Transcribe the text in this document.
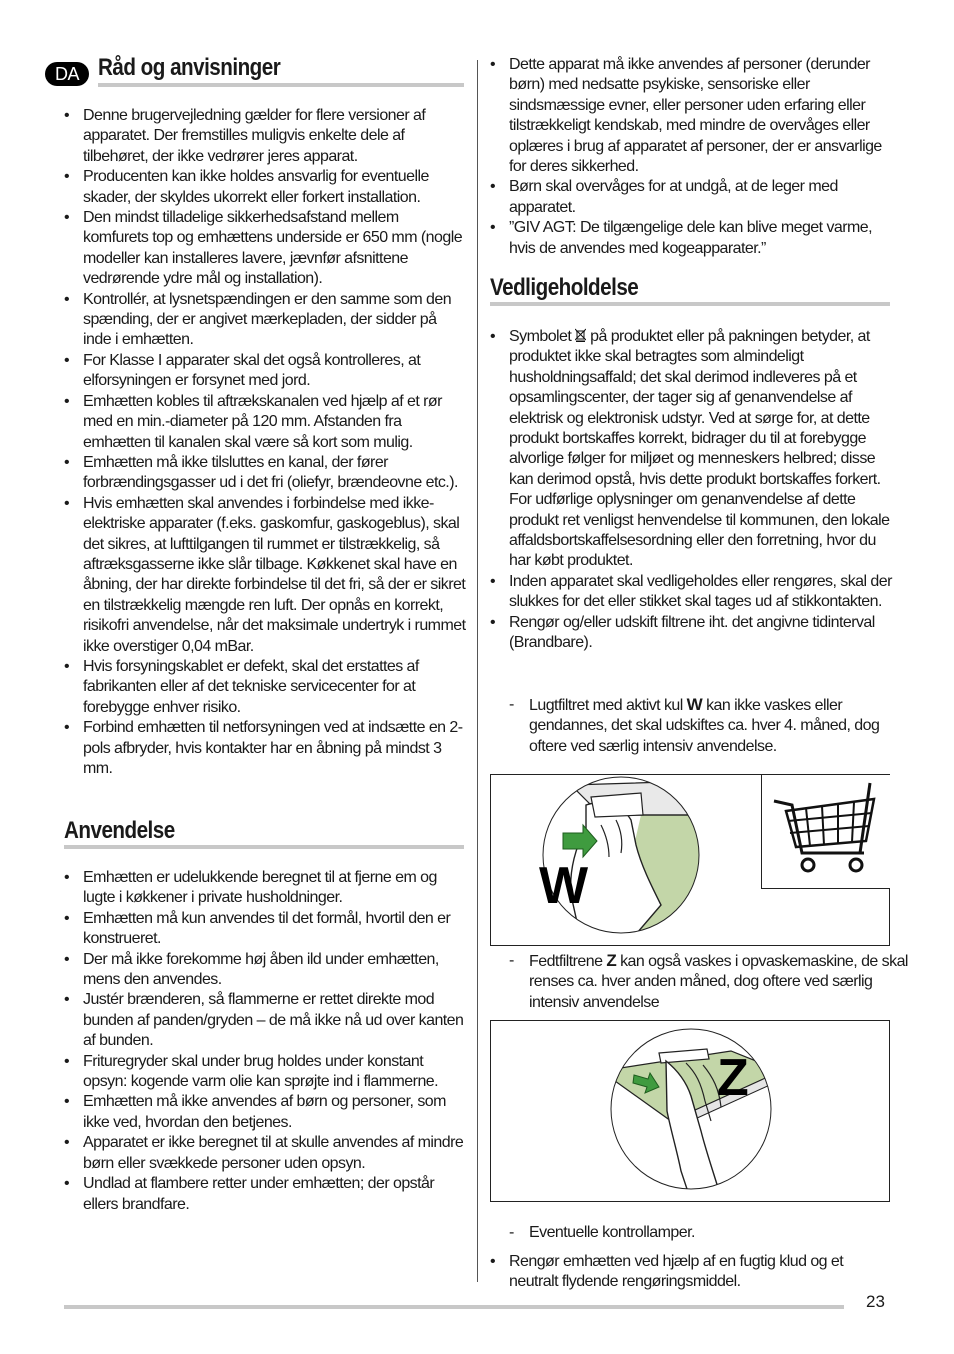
DA Råd og anvisninger
• Denne brugervejledning gælder for flere versioner af apparatet. Der fremstilles muligvis enkelte dele af tilbehøret, der ikke vedrører jeres apparat.
• Producenten kan ikke holdes ansvarlig for eventuelle skader, der skyldes ukorrekt eller forkert installation.
• Den mindst tilladelige sikkerhedsafstand mellem komfurets top og emhættens underside er 650 mm (nogle modeller kan installeres lavere, jævnfør afsnittene vedrørende ydre mål og installation).
• Kontrollér, at lysnetspændingen er den samme som den spænding, der er angivet mærkepladen, der sidder på inde i emhætten.
• For Klasse I apparater skal det også kontrolleres, at elforsyningen er forsynet med jord.
• Emhætten kobles til aftrækskanalen ved hjælp af et rør med en min.-diameter på 120 mm. Afstanden fra emhætten til kanalen skal være så kort som mulig.
• Emhætten må ikke tilsluttes en kanal, der fører forbrændingsgasser ud i det fri (oliefyr, brændeovne etc.).
• Hvis emhætten skal anvendes i forbindelse med ikke-elektriske apparater (f.eks. gaskomfur, gaskogeblus), skal det sikres, at lufttilgangen til rummet er tilstrækkelig, så aftræksgasserne ikke slår tilbage. Køkkenet skal have en åbning, der har direkte forbindelse til det fri, så der er sikret en tilstrækkelig mængde ren luft. Der opnås en korrekt, risikofri anvendelse, når det maksimale undertryk i rummet ikke overstiger 0,04 mBar.
• Hvis forsyningskablet er defekt, skal det erstattes af fabrikanten eller af det tekniske servicecenter for at forebygge enhver risiko.
• Forbind emhætten til netforsyningen ved at indsætte en 2-pols afbryder, hvis kontakter har en åbning på mindst 3 mm.
Anvendelse
• Emhætten er udelukkende beregnet til at fjerne em og lugte i køkkener i private husholdninger.
• Emhætten må kun anvendes til det formål, hvortil den er konstrueret.
• Der må ikke forekomme høj åben ild under emhætten, mens den anvendes.
• Justér brænderen, så flammerne er rettet direkte mod bunden af panden/gryden – de må ikke nå ud over kanten af bunden.
• Frituregryder skal under brug holdes under konstant opsyn: kogende varm olie kan sprøjte ind i flammerne.
• Emhætten må ikke anvendes af børn og personer, som ikke ved, hvordan den betjenes.
• Apparatet er ikke beregnet til at skulle anvendes af mindre børn eller svækkede personer uden opsyn.
• Undlad at flambere retter under emhætten; der opstår ellers brandfare.
• Dette apparat må ikke anvendes af personer (derunder børn) med nedsatte psykiske, sensoriske eller sindsmæssige evner, eller personer uden erfaring eller tilstrækkeligt kendskab, med mindre de overvåges eller oplæres i brug af apparatet af personer, der er ansvarlige for deres sikkerhed.
• Børn skal overvåges for at undgå, at de leger med apparatet.
• ”GIV AGT: De tilgængelige dele kan blive meget varme, hvis de anvendes med kogeapparater.”
Vedligeholdelse
• Symbolet  på produktet eller på pakningen betyder, at produktet ikke skal betragtes som almindeligt husholdningsaffald; det skal derimod indleveres på et opsamlingscenter, der tager sig af genanvendelse af elektrisk og elektronisk udstyr. Ved at sørge for, at dette produkt bortskaffes korrekt, bidrager du til at forebygge alvorlige følger for miljøet og menneskers helbred; disse kan derimod opstå, hvis dette produkt bortskaffes forkert. For udførlige oplysninger om genanvendelse af dette produkt ret venligst henvendelse til kommunen, den lokale affaldsbortskaffelsesordning eller den forretning, hvor du har købt produktet.
• Inden apparatet skal vedligeholdes eller rengøres, skal der slukkes for det eller stikket skal tages ud af stikkontakten.
• Rengør og/eller udskift filtrene iht. det angivne tidinterval (Brandbare).
- Lugtfiltret med aktivt kul W kan ikke vaskes eller gendannes, det skal udskiftes ca. hver 4. måned, dog oftere ved særlig intensiv anvendelse.
W
- Fedtfiltrene Z kan også vaskes i opvaskemaskine, de skal renses ca. hver anden måned, dog oftere ved særlig intensiv anvendelse
Z
- Eventuelle kontrollamper.
• Rengør emhætten ved hjælp af en fugtig klud og et neutralt flydende rengøringsmiddel.
23
